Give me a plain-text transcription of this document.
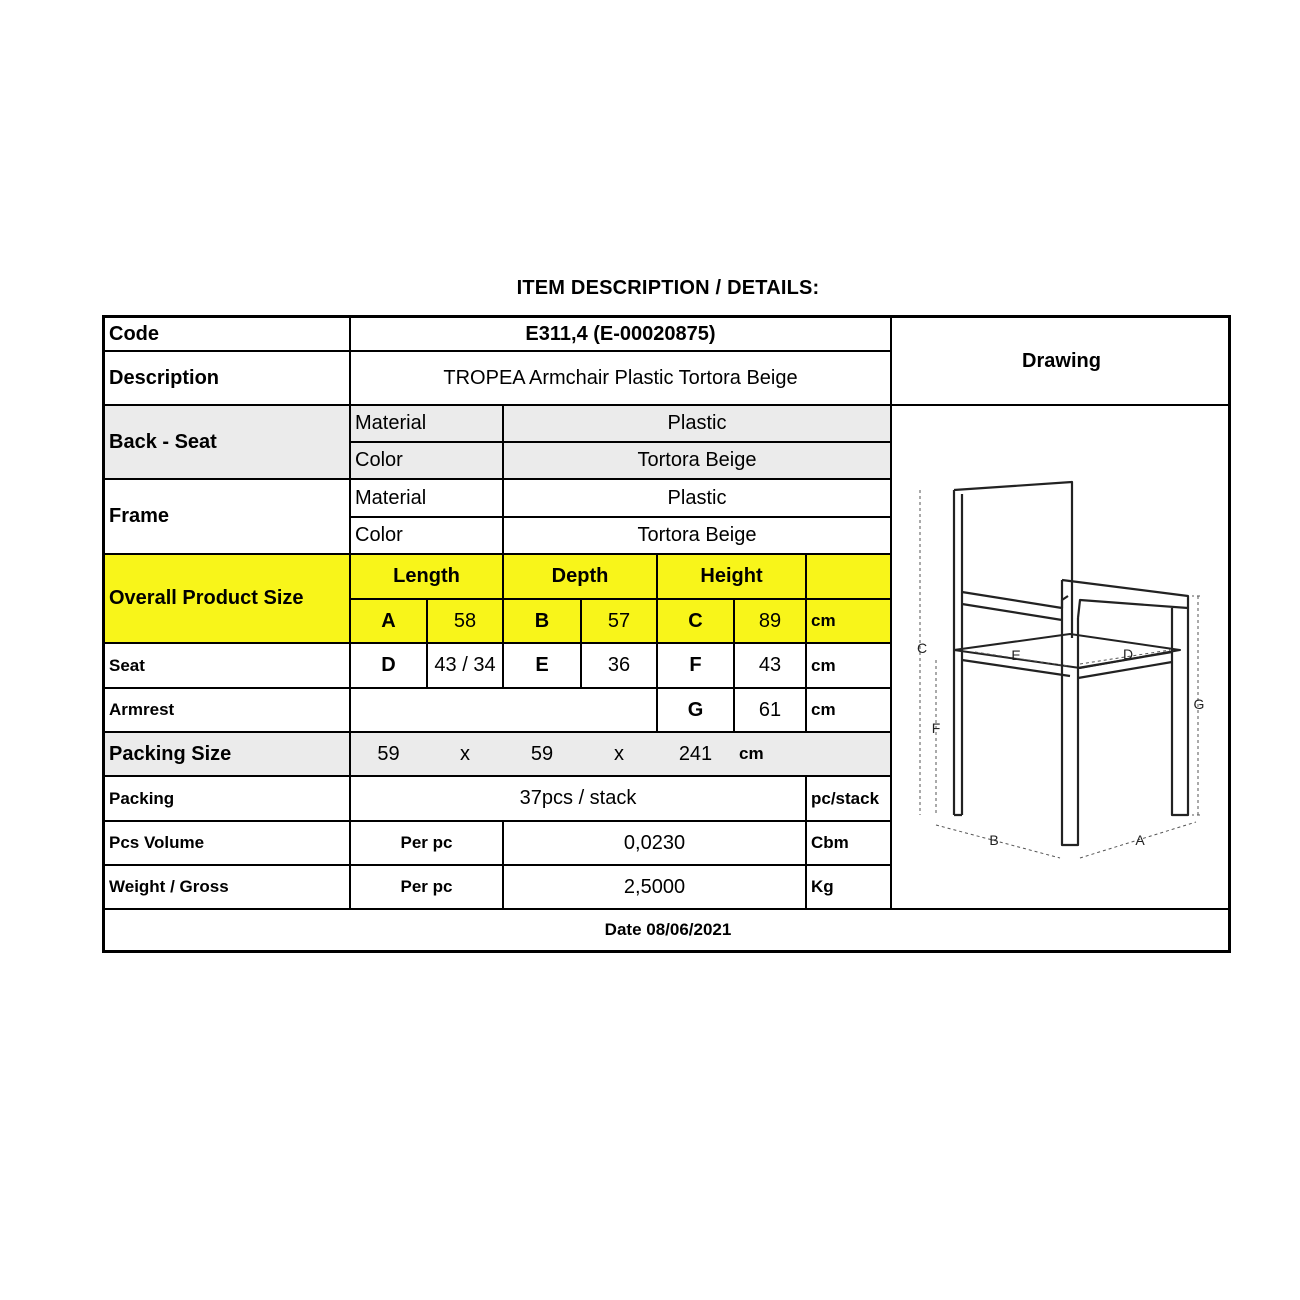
ITEM DESCRIPTION / DETAILS:
Code	E311,4 (E-00020875)
Description	TROPEA Armchair Plastic Tortora Beige
Drawing
Back - Seat
Material	Plastic
Color	Tortora Beige
Frame
Material	Plastic
Color	Tortora Beige
Overall Product Size
Length	Depth	Height
A	58	B	57	C	89	cm
Seat	D	43 / 34	E	36	F	43	cm
Armrest	G	61	cm
Packing Size	59	x	59	x	241	cm
Packing	37pcs / stack	pc/stack
Pcs Volume	Per pc	0,0230	Cbm
Weight / Gross	Per pc	2,5000	Kg
Date 08/06/2021
C
F
G
B	A
E	D
